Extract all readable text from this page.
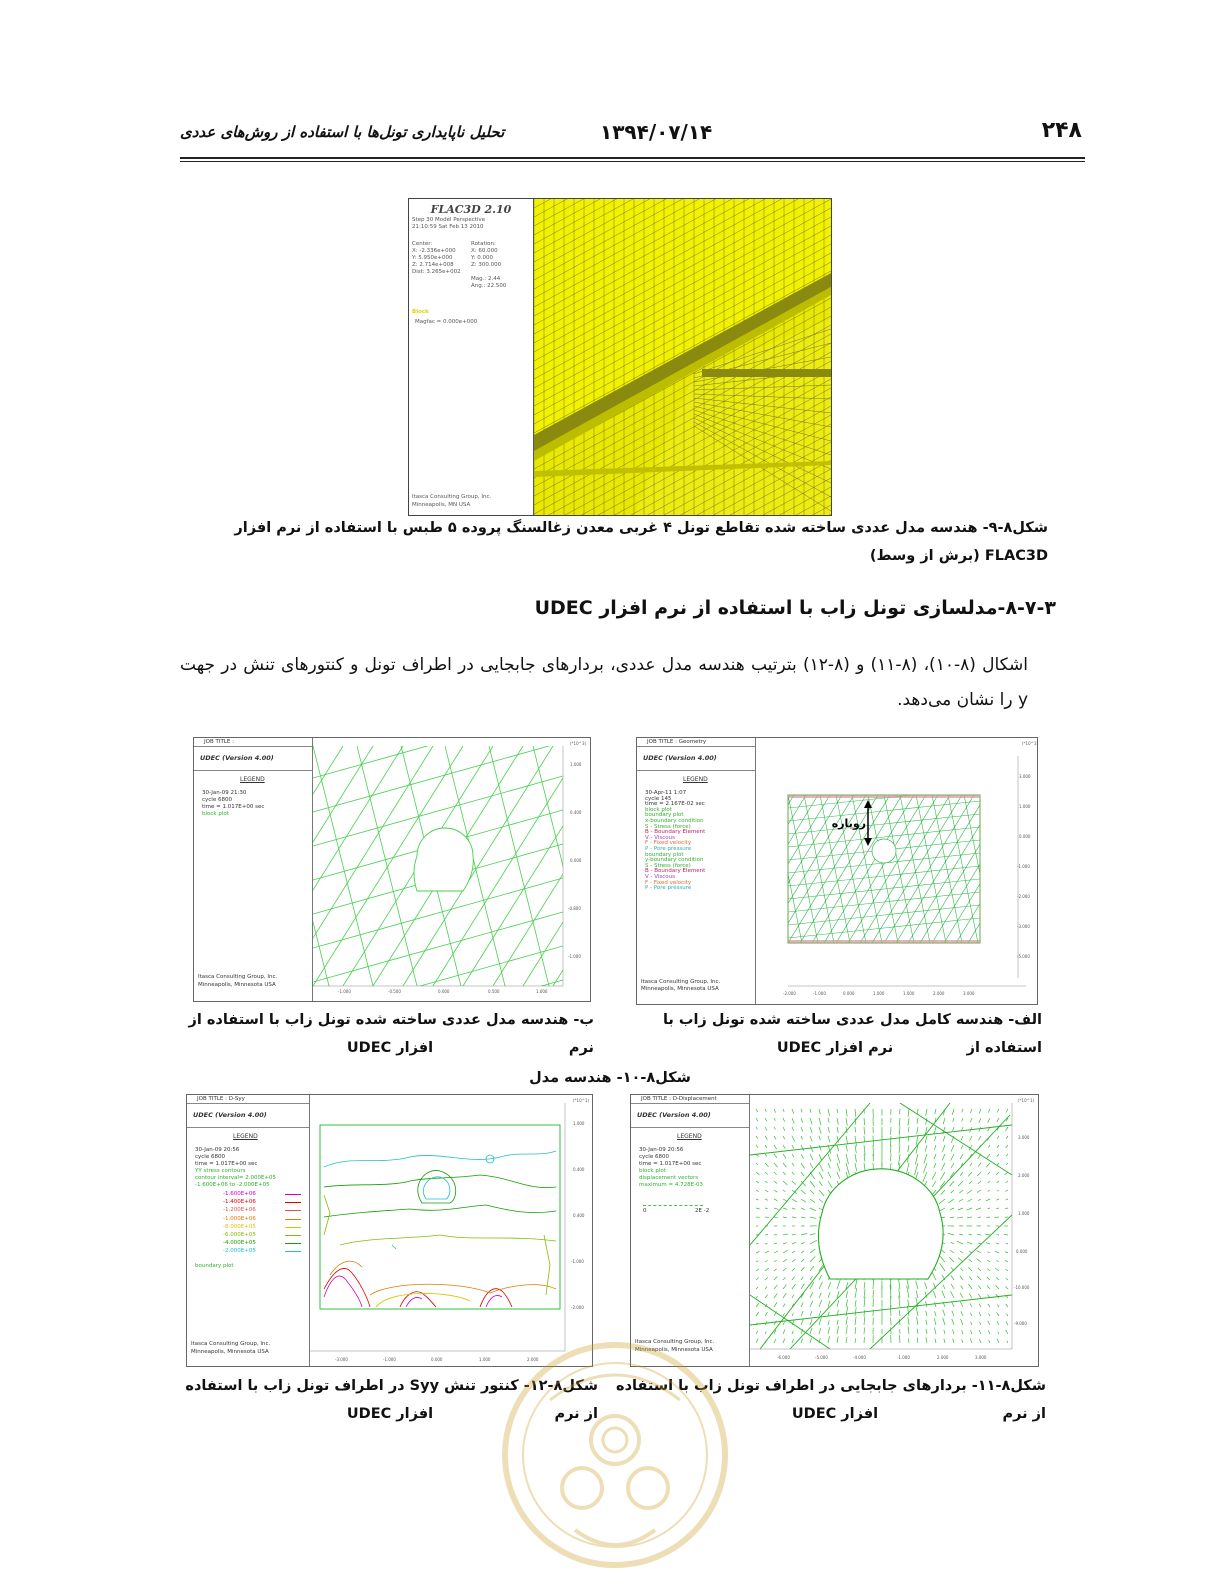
۲۴۸
۱۳۹۴/۰۷/۱۴
تحلیل ناپایداری تونل‌ها با استفاده از روش‌های عددی
FLAC3D 2.10
Step 30 Model Perspective
21:10:59 Sat Feb 13 2010
Center:
X: -2.336e+000
Y: 5.950e+000
Z: 2.714e+008
Dist: 3.265e+002
Rotation:
X: 60.000
Y: 0.000
Z: 300.000
Mag.: 2.44
Ang.: 22.500
Block
Magfac = 0.000e+000
Itasca Consulting Group, Inc.
Minneapolis, MN USA
شکل۸-۹- هندسه مدل عددی ساخته شده تقاطع تونل ۴ غربی معدن زغالسنگ پروده ۵ طبس با استفاده از نرم افزار FLAC3D (برش از وسط)
۸-۷-۳-مدلسازی تونل زاب با استفاده از نرم افزار UDEC
اشکال (۸-۱۰)، (۸-۱۱) و (۸-۱۲) بترتیب هندسه مدل عددی، بردارهای جابجایی در اطراف تونل و کنتورهای تنش در جهت y را نشان می‌دهد.
JOB TITLE : Geometry
UDEC (Version 4.00)
LEGEND
30-Apr-11 1:07
cycle 145
time = 2.167E-02 sec
block plot
boundary plot
x-boundary condition
S - Stress (force)
B - Boundary Element
V - Viscous
F - Fixed velocity
P - Pore pressure
boundary plot
y-boundary condition
S - Stress (force)
B - Boundary Element
V - Viscous
F - Fixed velocity
P - Pore pressure
Itasca Consulting Group, Inc.
Minneapolis, Minnesota USA
روباره
(*10^3)
3.000
1.000
0.000
-1.000
-2.000
-3.000
-5.000
-2.000	-1.000	0.000	1.000	1.000	2.000	3.000
JOB TITLE :
UDEC (Version 4.00)
LEGEND
30-Jan-09 21:30
cycle 6800
time = 1.017E+00 sec
block plot
Itasca Consulting Group, Inc.
Minneapolis, Minnesota USA
(*10^3)
1.000
0.400
0.000
-0.800
-1.000
-1.000	-0.500	0.000	0.500	1.000
الف- هندسه کامل مدل عددی ساخته شده تونل زاب با استفاده از
نرم افزار UDEC
ب- هندسه مدل عددی ساخته شده تونل زاب با استفاده از نرم
افزار UDEC
شکل۸-۱۰- هندسه مدل
JOB TITLE : D-Displacement
UDEC (Version 4.00)
LEGEND
30-Jan-09 20:56
cycle 6800
time = 1.017E+00 sec
block plot
displacement vectors
maximum = 4.728E-03
0	2E -2
Itasca Consulting Group, Inc.
Minneapolis, Minnesota USA
(*10^1)
3.000
2.000
1.000
0.000
-10.000
-9.000
-6.000	-5.000	-4.000	-1.000	2.000	3.000
JOB TITLE : D-Syy
UDEC (Version 4.00)
LEGEND
30-Jan-09 20:56
cycle 6800
time = 1.017E+00 sec
YY stress contours
contour interval= 2.000E+05
-1.600E+06 to -2.000E+05
-1.600E+06
-1.400E+06
-1.200E+06
-1.000E+06
-8.000E+05
-6.000E+05
-4.000E+05
-2.000E+05
boundary plot
Itasca Consulting Group, Inc.
Minneapolis, Minnesota USA
(*10^1)
1.000
0.400
0.400
-1.000
-2.000
-3.000	-1.000	0.000	1.000	2.000
شکل۸-۱۱- بردارهای جابجایی در اطراف تونل زاب با استفاده از نرم
افزار UDEC
شکل۸-۱۲- کنتور تنش Syy در اطراف تونل زاب با استفاده از نرم
افزار UDEC
